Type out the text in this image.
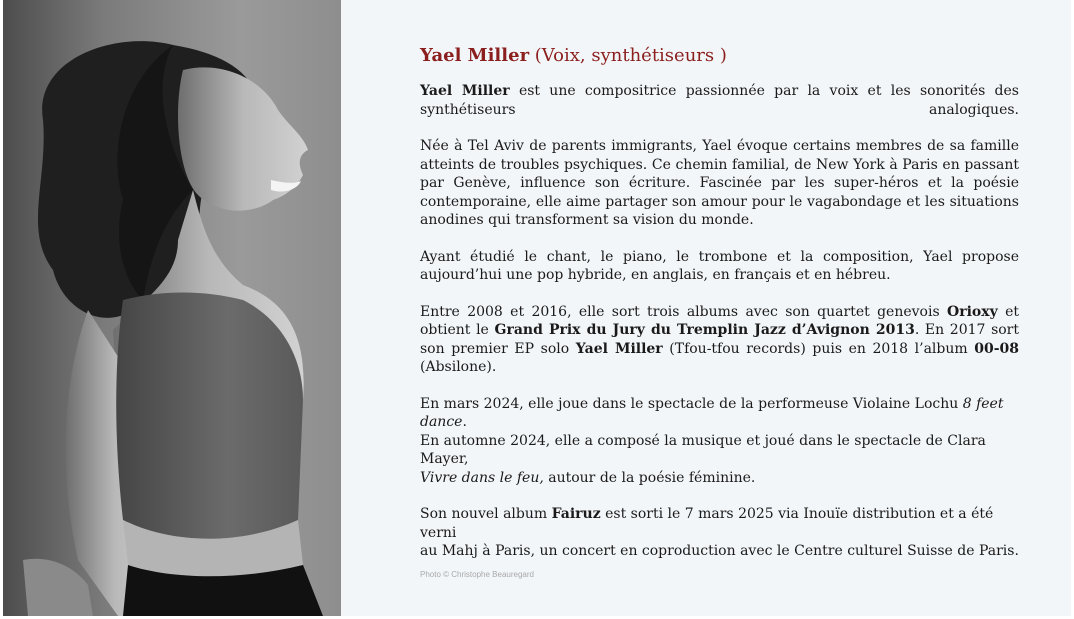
Yael Miller (Voix, synthétiseurs )

Yael Miller est une compositrice passionnée par la voix et les sonorités des synthétiseurs analogiques.

Née à Tel Aviv de parents immigrants, Yael évoque certains membres de sa famille atteints de troubles psychiques. Ce chemin familial, de New York à Paris en passant par Genève, influence son écriture. Fascinée par les super-héros et la poésie contemporaine, elle aime partager son amour pour le vagabondage et les situations anodines qui transforment sa vision du monde.

Ayant étudié le chant, le piano, le trombone et la composition, Yael propose aujourd’hui une pop hybride, en anglais, en français et en hébreu.

Entre 2008 et 2016, elle sort trois albums avec son quartet genevois Orioxy et obtient le Grand Prix du Jury du Tremplin Jazz d’Avignon 2013. En 2017 sort son premier EP solo Yael Miller (Tfou-tfou records) puis en 2018 l’album 00-08 (Absilone).

En mars 2024, elle joue dans le spectacle de la performeuse Violaine Lochu 8 feet dance.
En automne 2024, elle a composé la musique et joué dans le spectacle de Clara Mayer,
Vivre dans le feu, autour de la poésie féminine.

Son nouvel album Fairuz est sorti le 7 mars 2025 via Inouïe distribution et a été verni
au Mahj à Paris, un concert en coproduction avec le Centre culturel Suisse de Paris.

Photo © Christophe Beauregard
